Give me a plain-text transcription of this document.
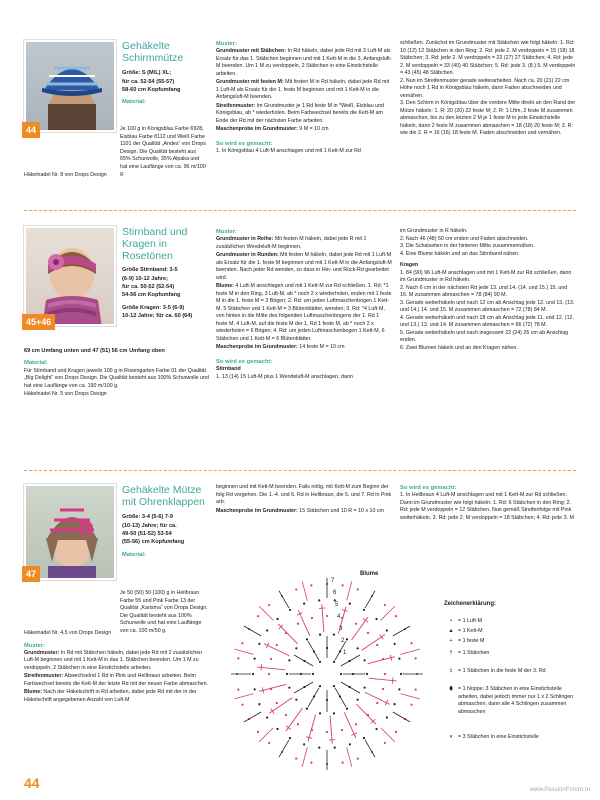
44
Gehäkelte Schirmmütze
Größe: S (M/L) XL;
für ca. 52-54 (55-57)
58-60 cm Kopfumfang
Material:

Je 100 g in Königsblau Farbe 6928, Eisblau Farbe 8112 und Weiß Farbe 1101 der Qualität „Andes“ von Drops Design. Die Qualität besteht aus 65% Schurwolle, 35% Alpaka und hat eine Lauflänge von ca. 96 m/100 g.

Häkelnadel Nr. 8 von Drops Design

Muster:

Grundmuster mit Stäbchen: In Rd häkeln, dabei jede Rd mit 3 Luft-M als Ersatz für das 1. Stäbchen beginnen und mit 1 Kett-M in die 3. Anfangsluft-M beenden. Um 1 M zu verdoppeln, 2 Stäbchen in eine Einstichstelle arbeiten.

Grundmuster mit festen M: Mit festen M in Rd häkeln, dabei jede Rd mit 1 Luft-M als Ersatz für die 1. feste M beginnen und mit 1 Kett-M in die Anfangsluft-M beenden.

Streifenmuster: Im Grundmuster je 1 Rd feste M in *Weiß, Eisblau und Königsblau, ab * wiederholen. Beim Farbwechsel bereits die Kett-M am Ende der Rd mit der nächsten Farbe arbeiten.

Maschenprobe im Grundmuster: 9 M = 10 cm

So wird es gemacht:

1. In Königsblau 4 Luft-M anschlagen und mit 1 Kett-M zur Rd

schließen. Zunächst im Grundmuster mit Stäbchen wie folgt häkeln: 1. Rd: 10 (12) 12 Stäbchen in den Ring; 2. Rd: jede 2. M verdoppeln = 15 (18) 18 Stäbchen; 3. Rd: jede 2. M verdoppeln = 22 (27) 27 Stäbchen; 4. Rd: jede 2. M verdoppeln = 33 (40) 40 Stäbchen; 5. Rd: jede 3. (8.) 5. M verdoppeln = 43 (45) 48 Stäbchen.
2. Nun im Streifenmuster gerade weiterarbeiten. Nach ca. 20 (21) 22 cm Höhe noch 1 Rd in Königsblau häkeln, dann Faden abschneiden und vernähen.
3. Den Schirm in Königsblau über die vordere Mitte direkt an den Rand der Mütze häkeln: 1. R: 20 (20) 22 feste M; 2. R: 1 Lftm, 2 feste M zusammen abmaschen, bis zu den letzten 2 M je 1 feste M in jede Einstichstelle häkeln, dann 2 feste M zusammen abmaschen = 18 (18) 20 feste M; 3. R: wie die 2. R = 16 (16) 18 feste M. Faden abschneiden und vernähen.

45+46
Stirnband und Kragen in Rosetönen
Größe Stirnband: 3-5
(6-9) 10-12 Jahre;
für ca. 50-52 (52-54)
54-56 cm Kopfumfang
Größe Kragen: 3-5 (6-9)
10-12 Jahre; für ca. 60 (64)
69 cm Umfang unten und 47 (51) 56 cm Umfang oben
Material:

Für Stirnband und Kragen jeweils 100 g in Rosengarten Farbe 01 der Qualität „Big Delight“ von Drops Design. Die Qualität besteht aus 100% Schurwolle und hat eine Lauflänge von ca. 190 m/100 g.

Häkelnadel Nr. 5 von Drops Design

Muster:

Grundmuster in Reihe: Mit festen M häkeln, dabei jede R mit 1 zusätzlichen Wendeluft-M beginnen.

Grundmuster in Runden: Mit festen M häkeln, dabei jede Rd mit 1 Luft-M als Ersatz für die 1. feste M beginnen und mit 1 Kett-M in die Anfangsluft-M beenden. Nach jeder Rd wenden, so dass in Hin- und Rück-Rd gearbeitet wird.

Blume: 4 Luft-M anschlagen und mit 1 Kett-M zur Rd schließen. 1. Rd: *1 feste M in den Ring, 3 Luft-M, ab * noch 2 x wiederholen, enden mit 1 feste M in die 1. feste M = 3 Bögen; 2. Rd: um jeden Luftmaschenbogen 1 Kett-M, 5 Stäbchen und 1 Kett-M = 3 Blütenblätter, wenden; 3. Rd: *4 Luft-M, von hinten in die Mitte des folgenden Luftmaschenbogens der 1. Rd 1 feste M, 4 Luft-M, auf die feste M der 1. Rd 1 feste M, ab * noch 2 x wiederholen = 6 Bögen; 4. Rd: um jeden Luftmaschenbogen 1 Kett-M, 6 Stäbchen und 1 Kett-M = 6 Blütenblätter.

Maschenprobe im Grundmuster: 14 feste M = 10 cm

So wird es gemacht:
Stirnband

1. 13 (14) 15 Luft-M plus 1 Wendeluft-M anschlagen, dann

im Grundmuster in R häkeln.
2. Nach 46 (48) 50 cm enden und Faden abschneiden.
3. Die Schalseiten in der hinteren Mitte zusammennähen.
4. Eine Blume häkeln und an das Stirnband nähen.

Kragen

1. 84 (90) 96 Luft-M anschlagen und mit 1 Kett-M zur Rd schließen, dann im Grundmuster in Rd häkeln.
2. Nach 6 cm in der nächsten Rd jede 13. und 14. (14. und 15.) 15. und 16. M zusammen abmaschen = 78 (84) 90 M.
3. Gerade weiterhäkeln und nach 12 cm ab Anschlag jede 12. und 13. (13. und 14.) 14. und 15. M zusammen abmaschen = 72 (78) 84 M.
4. Gerade weiterhäkeln und nach 18 cm ab Anschlag jede 11. und 12. (12. und 13.) 13. und 14. M zusammen abmaschen = 66 (72) 78 M.
5. Gerade weiterhäkeln und nach insgesamt 22 (24) 26 cm ab Anschlag enden.
6. Zwei Blumen häkeln und an den Kragen nähen.

47
Gehäkelte Mütze mit Ohrenklappen
Größe: 3-4 (5-6) 7-9
(10-13) Jahre; für ca.
49-50 (51-52) 53-54
(55-56) cm Kopfumfang
Material:

Je 50 (50) 50 (100) g in Hellbraun Farbe 55 und Pink Farbe 13 der Qualität „Karisma“ von Drops Design. Die Qualität besteht aus 100% Schurwolle und hat eine Lauflänge von ca. 100 m/50 g.

Häkelnadel Nr. 4,5 von Drops Design

Muster:

Grundmuster: In Rd mit Stäbchen häkeln, dabei jede Rd mit 2 zusätzlichen Luft-M beginnen und mit 1 Kett-M in das 1. Stäbchen beenden. Um 1 M zu verdoppeln, 2 Stäbchen in eine Einstichstelle arbeiten.

Streifenmuster: Abwechselnd 1 Rd in Pink und Hellbraun arbeiten. Beim Farbwechsel bereits die Kett-M der letzte Rd mit der neuen Farbe abmaschen.

Blume: Nach der Häkelschrift in Rd arbeiten, dabei jede Rd mit der in der Häkelschrift angegebenen Anzahl von Luft-M

beginnen und mit Kett-M beenden. Falls nötig, mit Kett-M zum Beginn der folg Rd vorgehen. Die 1.-4. und 6. Rd in Hellbraun, die 5. und 7. Rd in Pink arb.

Maschenprobe im Grundmuster: 15 Stäbchen und 10 R = 10 x 10 cm

So wird es gemacht:

1. In Hellbraun 4 Luft-M anschlagen und mit 1 Kett-M zur Rd schließen. Dann im Grundmuster wie folgt häkeln: 1. Rd: 6 Stäbchen in den Ring; 2. Rd: jede M verdoppeln = 12 Stäbchen. Nun gemäß Streifenfolge mit Pink weiterhäkeln. 3. Rd: jede 2. M verdoppeln = 18 Stäbchen; 4. Rd: jede 3. M

Blume
7
6
5
4
3
2
1
Zeichenerklärung:
• = 1 Luft-M
▲ = 1 Kett-M
+ = 1 feste M
† = 1 Stäbchen
‡ = 1 Stäbchen in die feste M der 3. Rd
⬮	= 1 Noppe: 3 Stäbchen in eine Einstichstelle arbeiten, dabei jedoch immer nur 1 x 2 Schlingen abmaschen, dann alle 4 Schlingen zusammen abmaschen
⩛ = 3 Stäbchen in eine Einstichstelle
44	www.PassionForum.ru
